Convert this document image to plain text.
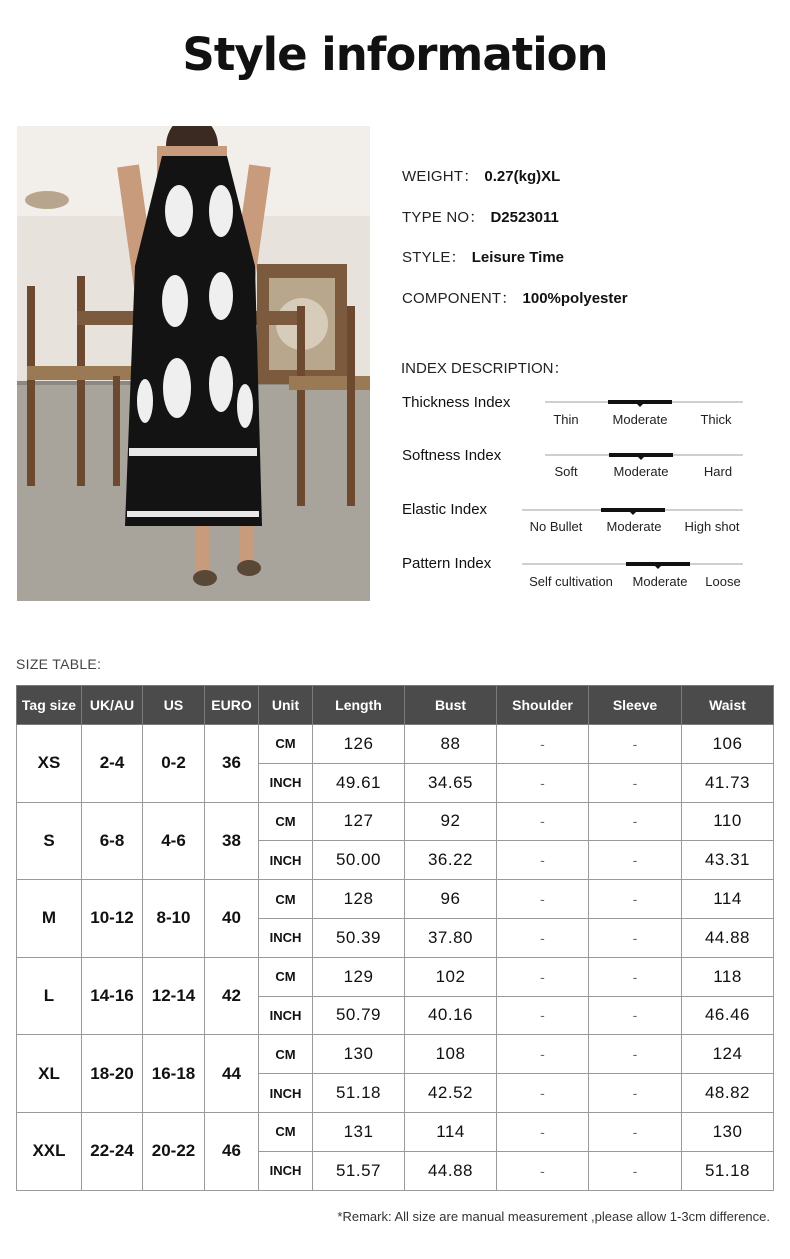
Style information
WEIGHT： 0.27(kg)XL
TYPE NO： D2523011
STYLE： Leisure Time
COMPONENT： 100%polyester
INDEX DESCRIPTION：
Thickness Index
Thin	Moderate	Thick
Softness Index
Soft	Moderate	Hard
Elastic Index
No Bullet	Moderate	High shot
Pattern Index
Self cultivation	Moderate	Loose
SIZE TABLE:
Tag size	UK/AU	US	EURO	Unit	Length	Bust	Shoulder	Sleeve	Waist
XS	2-4	0-2	36	CM	126	88	-	-	106
				INCH	49.61	34.65	-	-	41.73
S	6-8	4-6	38	CM	127	92	-	-	110
				INCH	50.00	36.22	-	-	43.31
M	10-12	8-10	40	CM	128	96	-	-	114
				INCH	50.39	37.80	-	-	44.88
L	14-16	12-14	42	CM	129	102	-	-	118
				INCH	50.79	40.16	-	-	46.46
XL	18-20	16-18	44	CM	130	108	-	-	124
				INCH	51.18	42.52	-	-	48.82
XXL	22-24	20-22	46	CM	131	114	-	-	130
				INCH	51.57	44.88	-	-	51.18
*Remark: All size are manual measurement ,please allow 1-3cm difference.
